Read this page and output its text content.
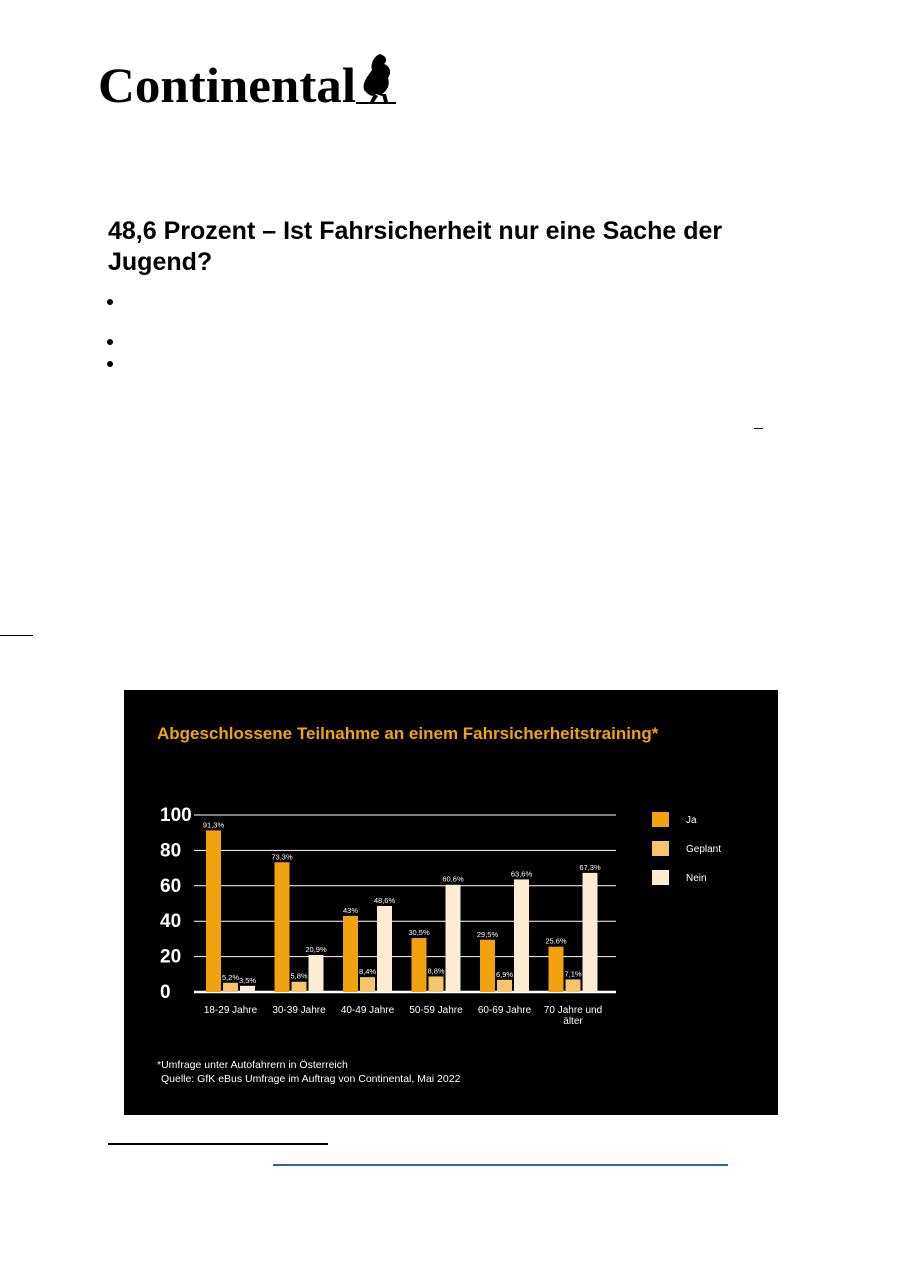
Continental
48,6 Prozent – Ist Fahrsicherheit nur eine Sache der Jugend?
Abgeschlossene Teilnahme an einem Fahrsicherheitstraining*
100
80
60
40
20
0
91,3%
5,2% 3,5%
18-29 Jahre
73,3%
5,8%
20,9%
30-39 Jahre
43%
8,4%
48,6%
40-49 Jahre
30,5%
8,8%
60,6%
50-59 Jahre
29,5%
6,9%
63,6%
60-69 Jahre
25,6%
7,1%
67,3%
70 Jahre und
älter
Ja
Geplant
Nein
*Umfrage unter Autofahrern in Österreich
Quelle: GfK eBus Umfrage im Auftrag von Continental, Mai 2022
